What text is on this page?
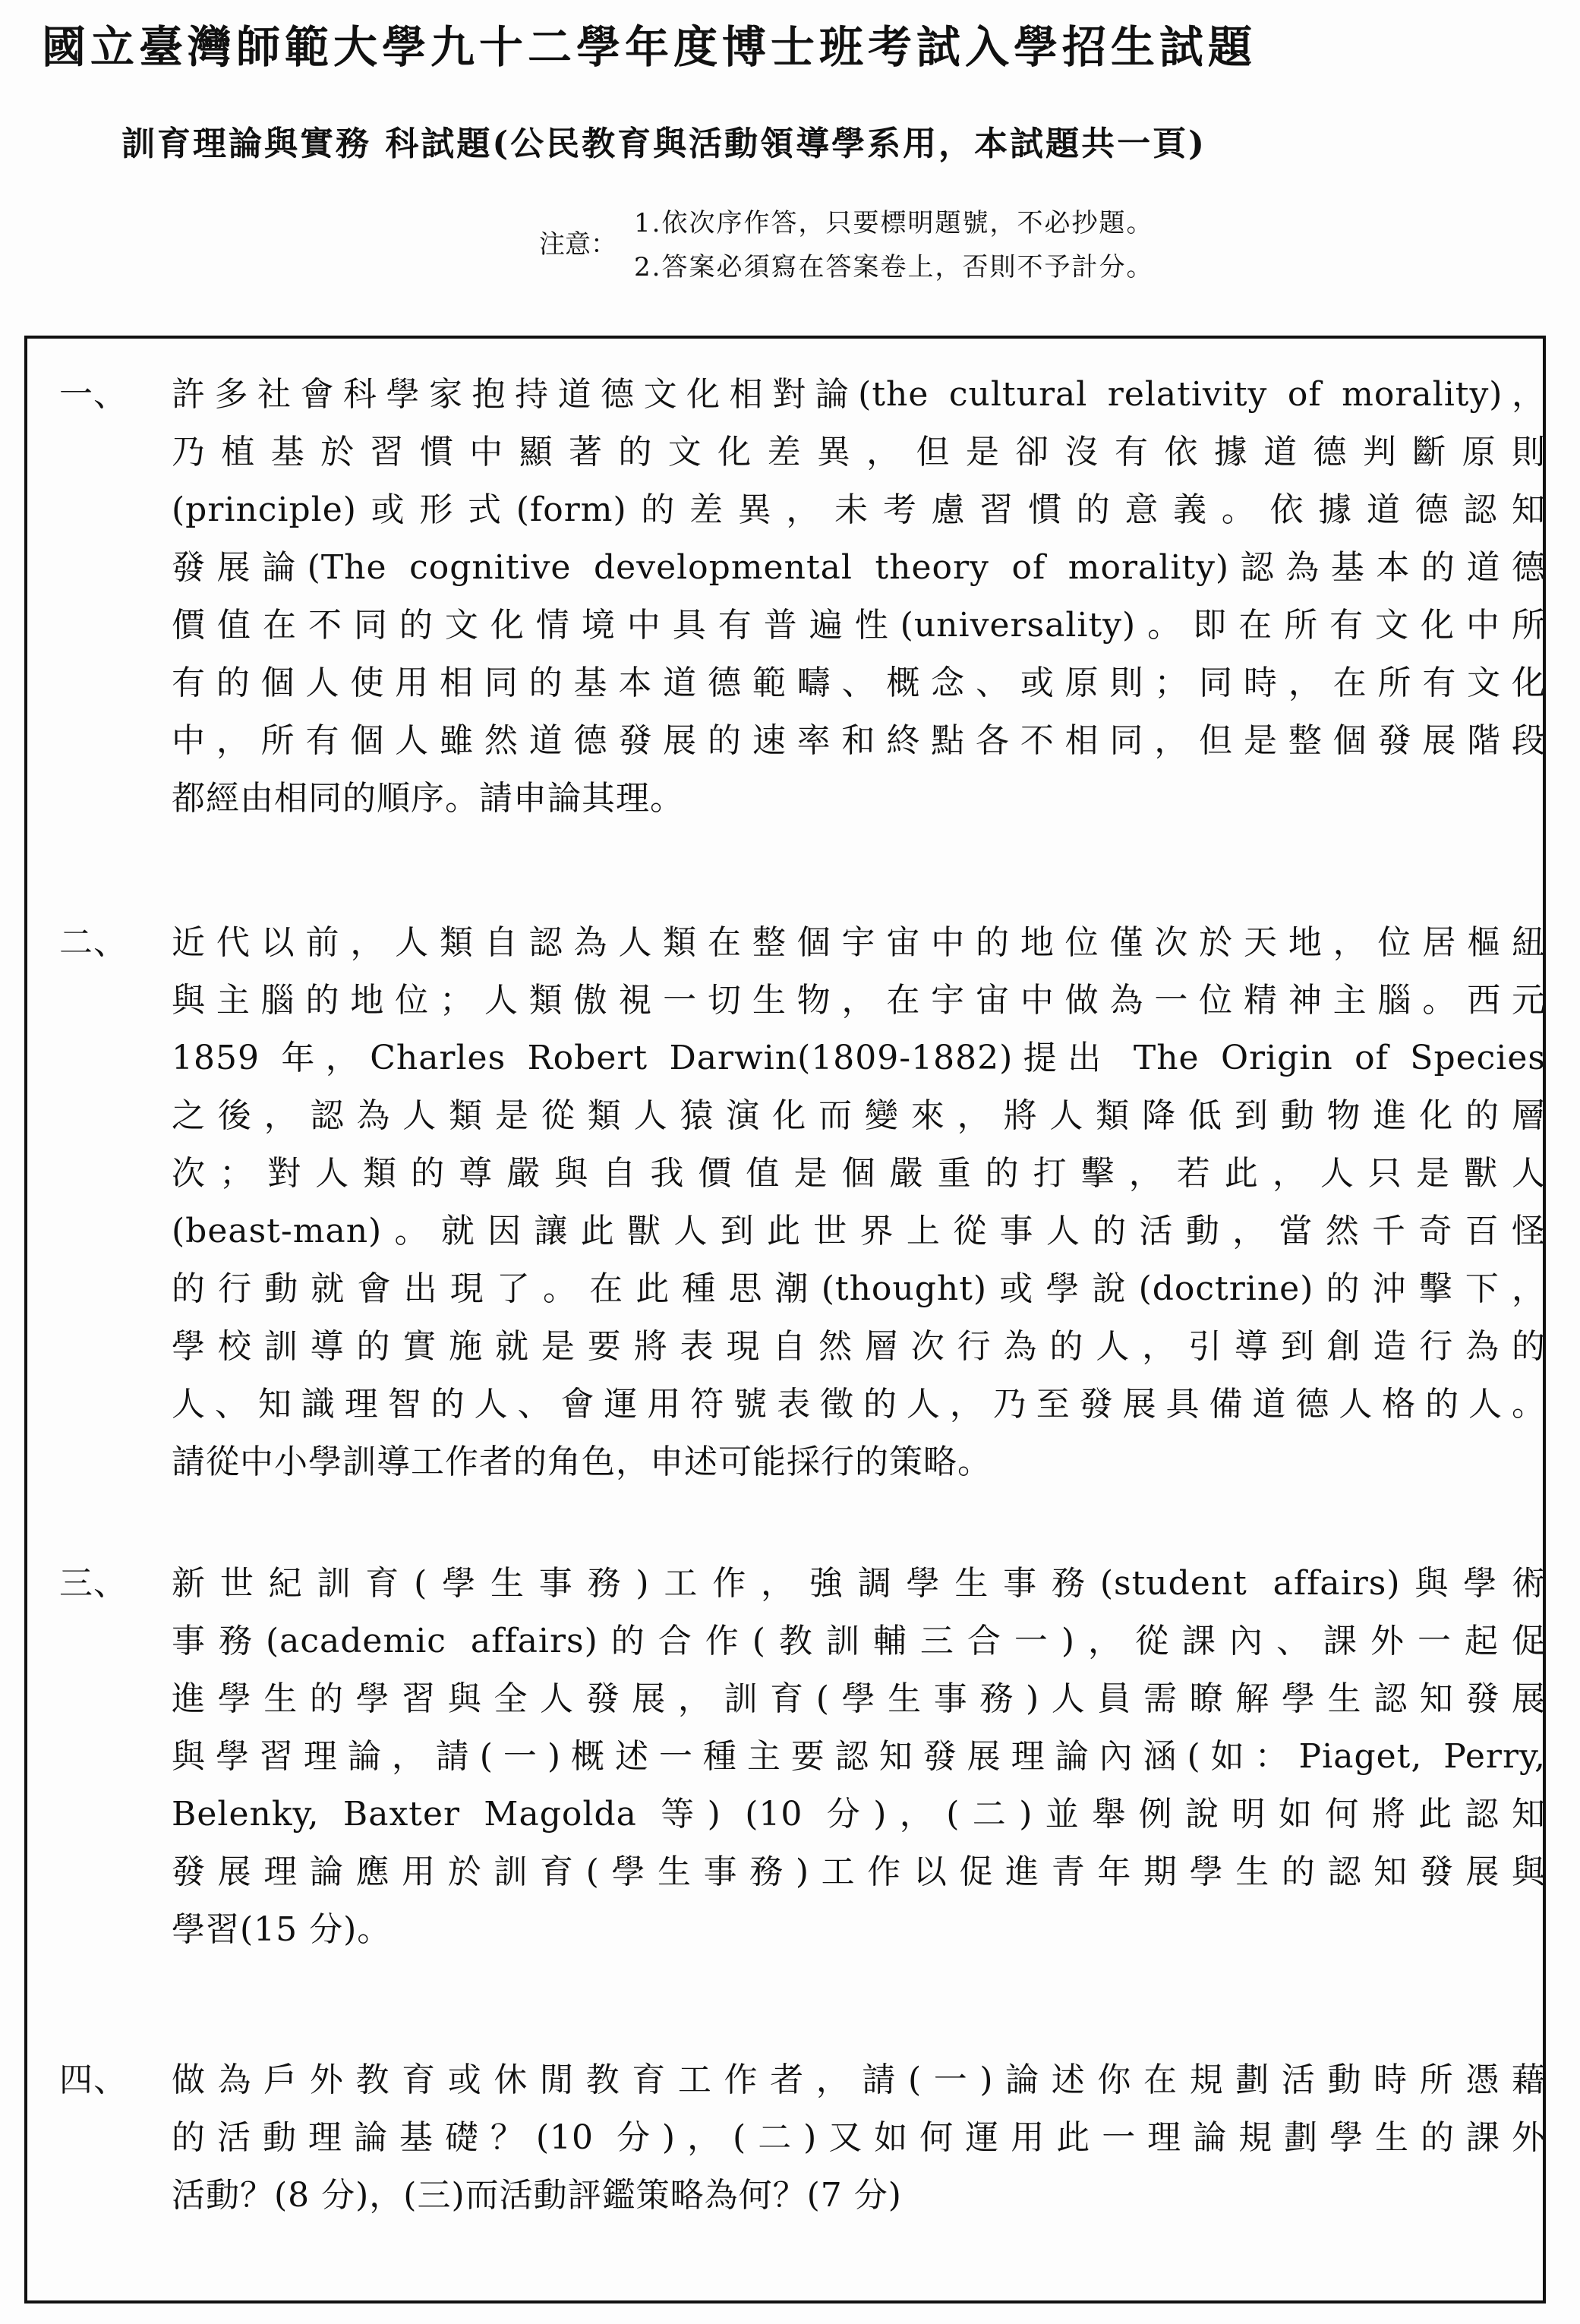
國立臺灣師範大學九十二學年度博士班考試入學招生試題
訓育理論與實務 科試題(公民教育與活動領導學系用，本試題共一頁)
注意：
1.依次序作答，只要標明題號，不必抄題。
2.答案必須寫在答案卷上，否則不予計分。
一、	許多社會科學家抱持道德文化相對論(the cultural relativity of morality)，
乃植基於習慣中顯著的文化差異，但是卻沒有依據道德判斷原則
(principle)或形式(form)的差異，未考慮習慣的意義。依據道德認知
發展論(The cognitive developmental theory of morality)認為基本的道德
價值在不同的文化情境中具有普遍性(universality)。即在所有文化中所
有的個人使用相同的基本道德範疇、概念、或原則；同時，在所有文化
中，所有個人雖然道德發展的速率和終點各不相同，但是整個發展階段
都經由相同的順序。請申論其理。
二、	近代以前，人類自認為人類在整個宇宙中的地位僅次於天地，位居樞紐
與主腦的地位；人類傲視一切生物，在宇宙中做為一位精神主腦。西元
1859 年，Charles Robert Darwin(1809-1882)提出 The Origin of Species
之後，認為人類是從類人猿演化而變來，將人類降低到動物進化的層
次；對人類的尊嚴與自我價值是個嚴重的打擊，若此，人只是獸人
(beast-man)。就因讓此獸人到此世界上從事人的活動，當然千奇百怪
的行動就會出現了。在此種思潮(thought)或學說(doctrine)的沖擊下，
學校訓導的實施就是要將表現自然層次行為的人，引導到創造行為的
人、知識理智的人、會運用符號表徵的人，乃至發展具備道德人格的人。
請從中小學訓導工作者的角色，申述可能採行的策略。
三、	新世紀訓育(學生事務)工作，強調學生事務(student affairs)與學術
事務(academic affairs)的合作(教訓輔三合一)，從課內、課外一起促
進學生的學習與全人發展，訓育(學生事務)人員需瞭解學生認知發展
與學習理論，請(一)概述一種主要認知發展理論內涵(如：Piaget, Perry,
Belenky, Baxter Magolda 等) (10 分)，(二)並舉例說明如何將此認知
發展理論應用於訓育(學生事務)工作以促進青年期學生的認知發展與
學習(15 分)。
四、	做為戶外教育或休閒教育工作者，請(一)論述你在規劃活動時所憑藉
的活動理論基礎？(10 分)，(二)又如何運用此一理論規劃學生的課外
活動？(8 分)，(三)而活動評鑑策略為何？(7 分)
